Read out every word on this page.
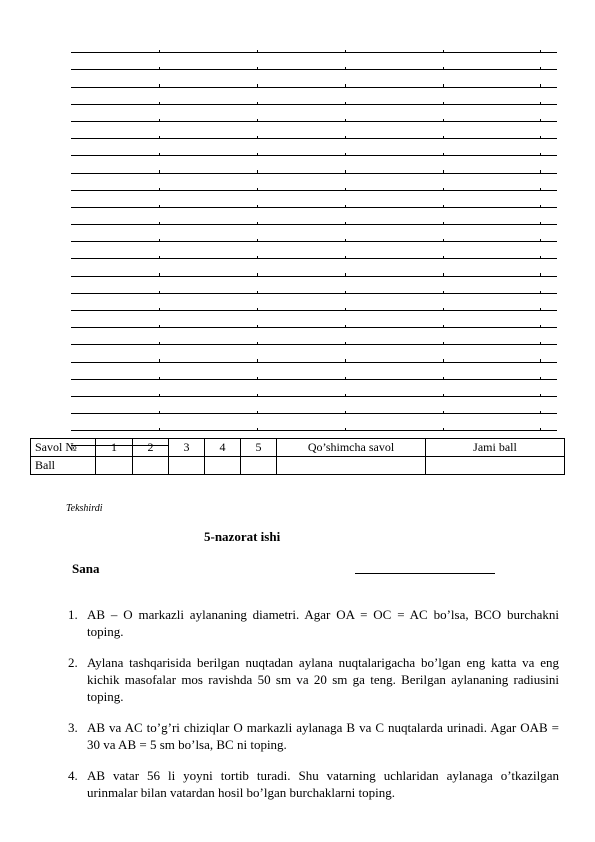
Savol №	1	2	3	4	5	Qo’shimcha savol	Jami ball
Ball							
Tekshirdi
5-nazorat ishi
Sana
1. AB – O markazli aylananing diametri. Agar OA = OC = AC bo’lsa, BCO burchakni toping.
2. Aylana tashqarisida berilgan nuqtadan aylana nuqtalarigacha bo’lgan eng katta va eng kichik masofalar mos ravishda 50 sm va 20 sm ga teng. Berilgan aylananing radiusini toping.
3. AB va AC to’g’ri chiziqlar O markazli aylanaga B va C nuqtalarda urinadi. Agar OAB = 30 va AB = 5 sm bo’lsa, BC ni toping.
4. AB vatar 56 li yoyni tortib turadi. Shu vatarning uchlaridan aylanaga o’tkazilgan urinmalar bilan vatardan hosil bo’lgan burchaklarni toping.
